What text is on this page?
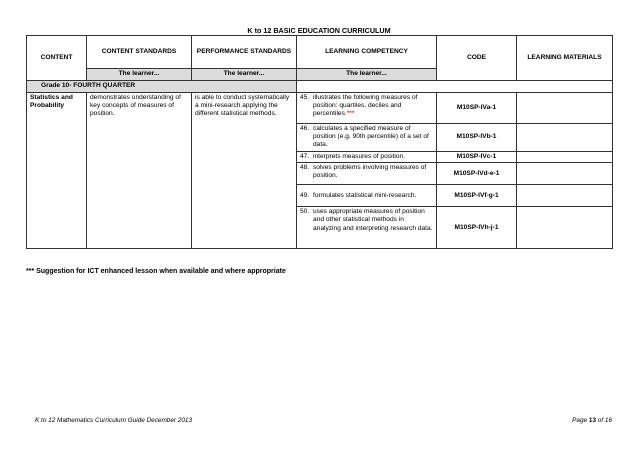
K to 12 BASIC EDUCATION CURRICULUM
CONTENT	CONTENT STANDARDS	PERFORMANCE STANDARDS	LEARNING COMPETENCY	CODE	LEARNING MATERIALS
	The learner...	The learner...	The learner...		
Grade 10- FOURTH QUARTER					
Statistics and Probability	demonstrates understanding of key concepts of measures of position.	is able to conduct systematically a mini-research applying the different statistical methods.	45. illustrates the following measures of position: quartiles, deciles and percentiles.***	M10SP-IVa-1	

			46. calculates a specified measure of position (e.g. 90th percentile) of a set of data.	M10SP-IVb-1	

			47. interprets measures of position.	M10SP-IVc-1	

			48. solves problems involving measures of position.	M10SP-IVd-e-1	

			49. formulates statistical mini-research.	M10SP-IVf-g-1	

			50. uses appropriate measures of position and other statistical methods in analyzing and interpreting research data.	M10SP-IVh-j-1	
*** Suggestion for ICT enhanced lesson when available and where appropriate
K to 12 Mathematics Curriculum Guide December 2013	Page 13 of 16
